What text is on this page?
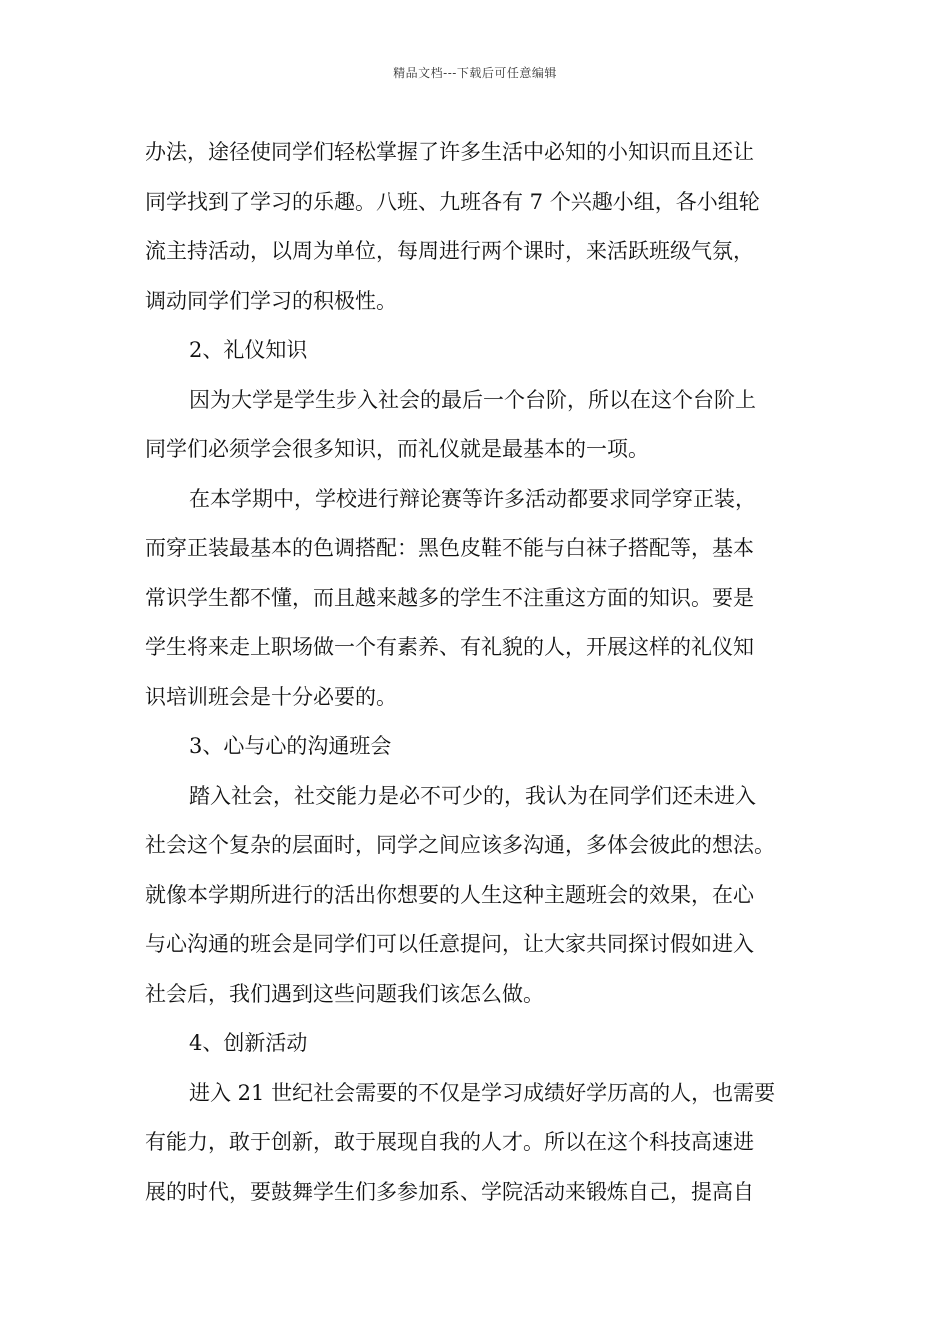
精品文档---下载后可任意编辑
办法，途径使同学们轻松掌握了许多生活中必知的小知识而且还让
同学找到了学习的乐趣。八班、九班各有 7 个兴趣小组，各小组轮
流主持活动，以周为单位，每周进行两个课时，来活跃班级气氛，
调动同学们学习的积极性。
2、礼仪知识
因为大学是学生步入社会的最后一个台阶，所以在这个台阶上
同学们必须学会很多知识，而礼仪就是最基本的一项。
在本学期中，学校进行辩论赛等许多活动都要求同学穿正装，
而穿正装最基本的色调搭配：黑色皮鞋不能与白袜子搭配等，基本
常识学生都不懂，而且越来越多的学生不注重这方面的知识。要是
学生将来走上职场做一个有素养、有礼貌的人，开展这样的礼仪知
识培训班会是十分必要的。
3、心与心的沟通班会
踏入社会，社交能力是必不可少的，我认为在同学们还未进入
社会这个复杂的层面时，同学之间应该多沟通，多体会彼此的想法。
就像本学期所进行的活出你想要的人生这种主题班会的效果，在心
与心沟通的班会是同学们可以任意提问，让大家共同探讨假如进入
社会后，我们遇到这些问题我们该怎么做。
4、创新活动
进入 21 世纪社会需要的不仅是学习成绩好学历高的人，也需要
有能力，敢于创新，敢于展现自我的人才。所以在这个科技高速进
展的时代，要鼓舞学生们多参加系、学院活动来锻炼自己，提高自
